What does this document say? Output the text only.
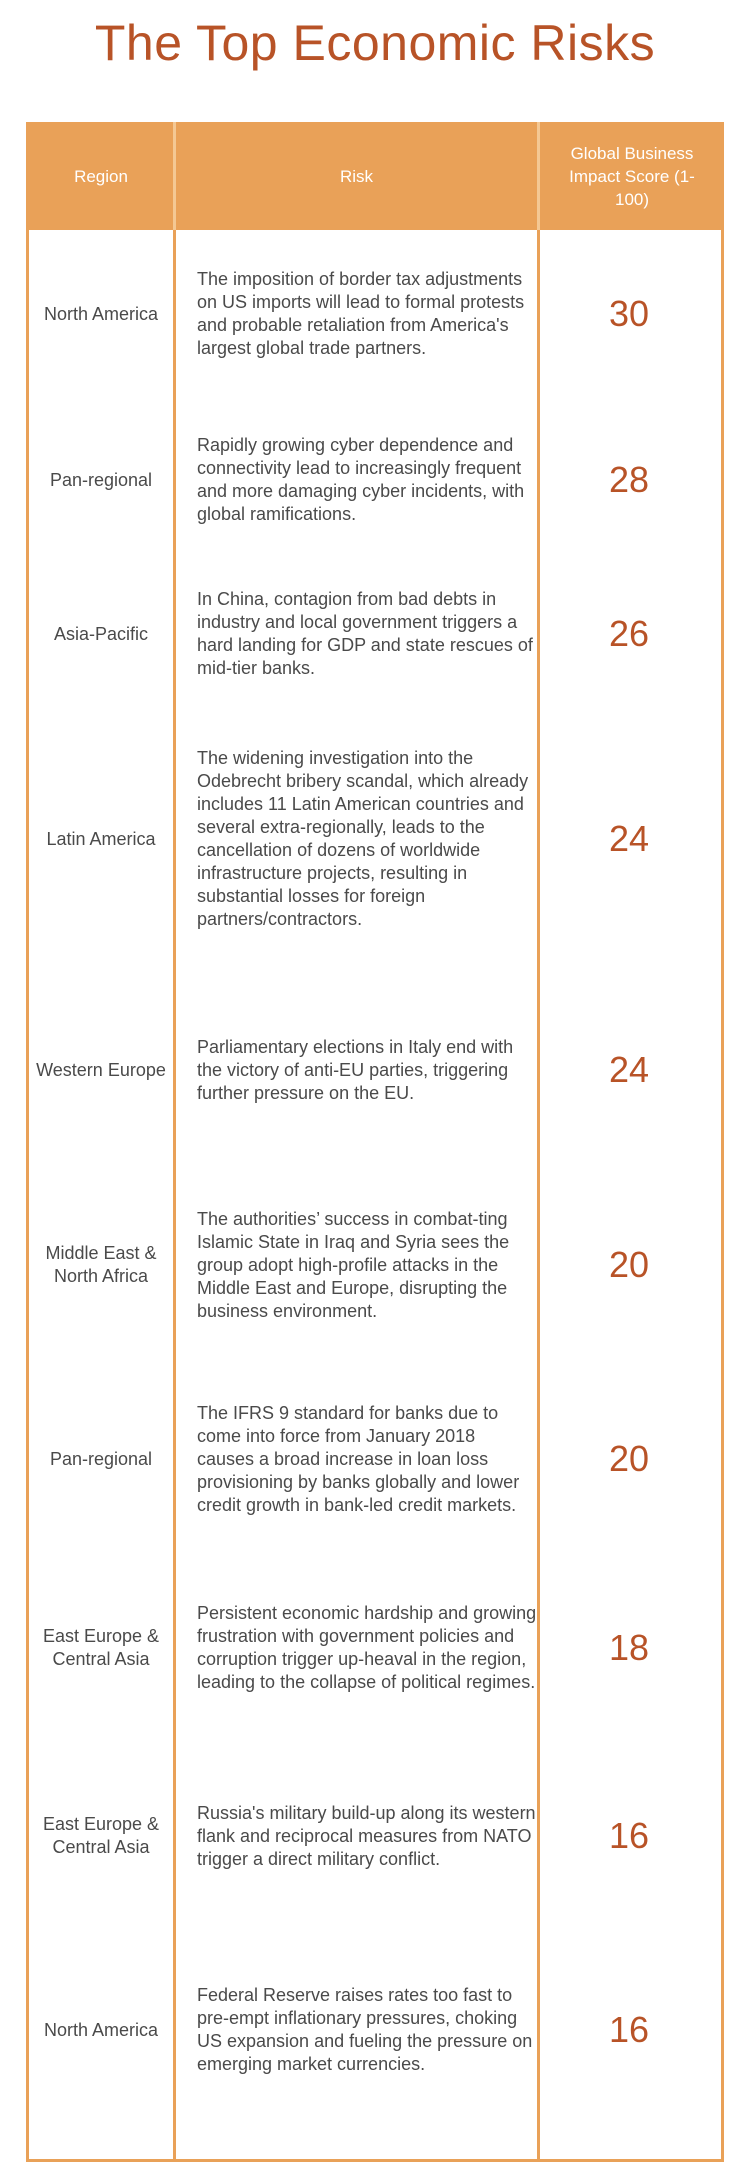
The Top Economic Risks
Region	Risk
Global Business Impact Score (1-100)
North America
The imposition of border tax adjustments on US imports will lead to formal protests and probable retaliation from America's largest global trade partners.
30
Pan-regional
Rapidly growing cyber dependence and connectivity lead to increasingly frequent and more damaging cyber incidents, with global ramifications.
28
Asia-Pacific
In China, contagion from bad debts in industry and local government triggers a hard landing for GDP and state rescues of mid-tier banks.
26
Latin America
The widening investigation into the Odebrecht bribery scandal, which already includes 11 Latin American countries and several extra-regionally, leads to the cancellation of dozens of worldwide infrastructure projects, resulting in substantial losses for foreign partners/contractors.
24
Western Europe
Parliamentary elections in Italy end with the victory of anti-EU parties, triggering further pressure on the EU.
24
Middle East & North Africa
The authorities’ success in combat-ting Islamic State in Iraq and Syria sees the group adopt high-profile attacks in the Middle East and Europe, disrupting the business environment.
20
Pan-regional
The IFRS 9 standard for banks due to come into force from January 2018 causes a broad increase in loan loss provisioning by banks globally and lower credit growth in bank-led credit markets.
20
East Europe & Central Asia
Persistent economic hardship and growing frustration with government policies and corruption trigger up-heaval in the region, leading to the collapse of political regimes.
18
East Europe & Central Asia
Russia's military build-up along its western flank and reciprocal measures from NATO trigger a direct military conflict.
16
North America
Federal Reserve raises rates too fast to pre-empt inflationary pressures, choking US expansion and fueling the pressure on emerging market currencies.
16
